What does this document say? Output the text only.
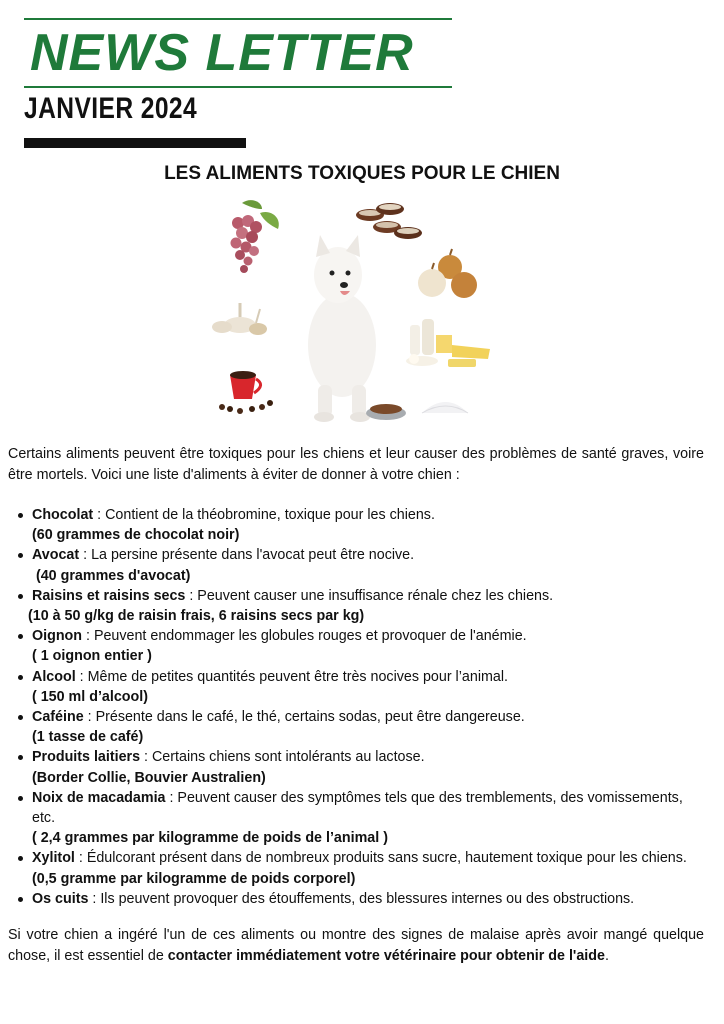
NEWS LETTER
JANVIER 2024
LES ALIMENTS TOXIQUES POUR LE CHIEN
Certains aliments peuvent être toxiques pour les chiens et leur causer des problèmes de santé graves, voire être mortels. Voici une liste d'aliments à éviter de donner à votre chien :
Chocolat : Contient de la théobromine, toxique pour les chiens.
(60 grammes de chocolat noir)
Avocat : La persine présente dans l'avocat peut être nocive.
(40 grammes d'avocat)
Raisins et raisins secs : Peuvent causer une insuffisance rénale chez les chiens.
(10 à 50 g/kg de raisin frais, 6 raisins secs par kg)
Oignon : Peuvent endommager les globules rouges et provoquer de l'anémie.
( 1 oignon entier )
Alcool : Même de petites quantités peuvent être très nocives pour l’animal.
( 150 ml d’alcool)
Caféine : Présente dans le café, le thé, certains sodas, peut être dangereuse.
(1 tasse de café)
Produits laitiers : Certains chiens sont intolérants au lactose.
(Border Collie, Bouvier Australien)
Noix de macadamia : Peuvent causer des symptômes tels que des tremblements, des vomissements, etc.
( 2,4 grammes par kilogramme de poids de l’animal )
Xylitol : Édulcorant présent dans de nombreux produits sans sucre, hautement toxique pour les chiens.
(0,5 gramme par kilogramme de poids corporel)
Os cuits : Ils peuvent provoquer des étouffements, des blessures internes ou des obstructions.
Si votre chien a ingéré l'un de ces aliments ou montre des signes de malaise après avoir mangé quelque chose, il est essentiel de contacter immédiatement votre vétérinaire pour obtenir de l'aide.
